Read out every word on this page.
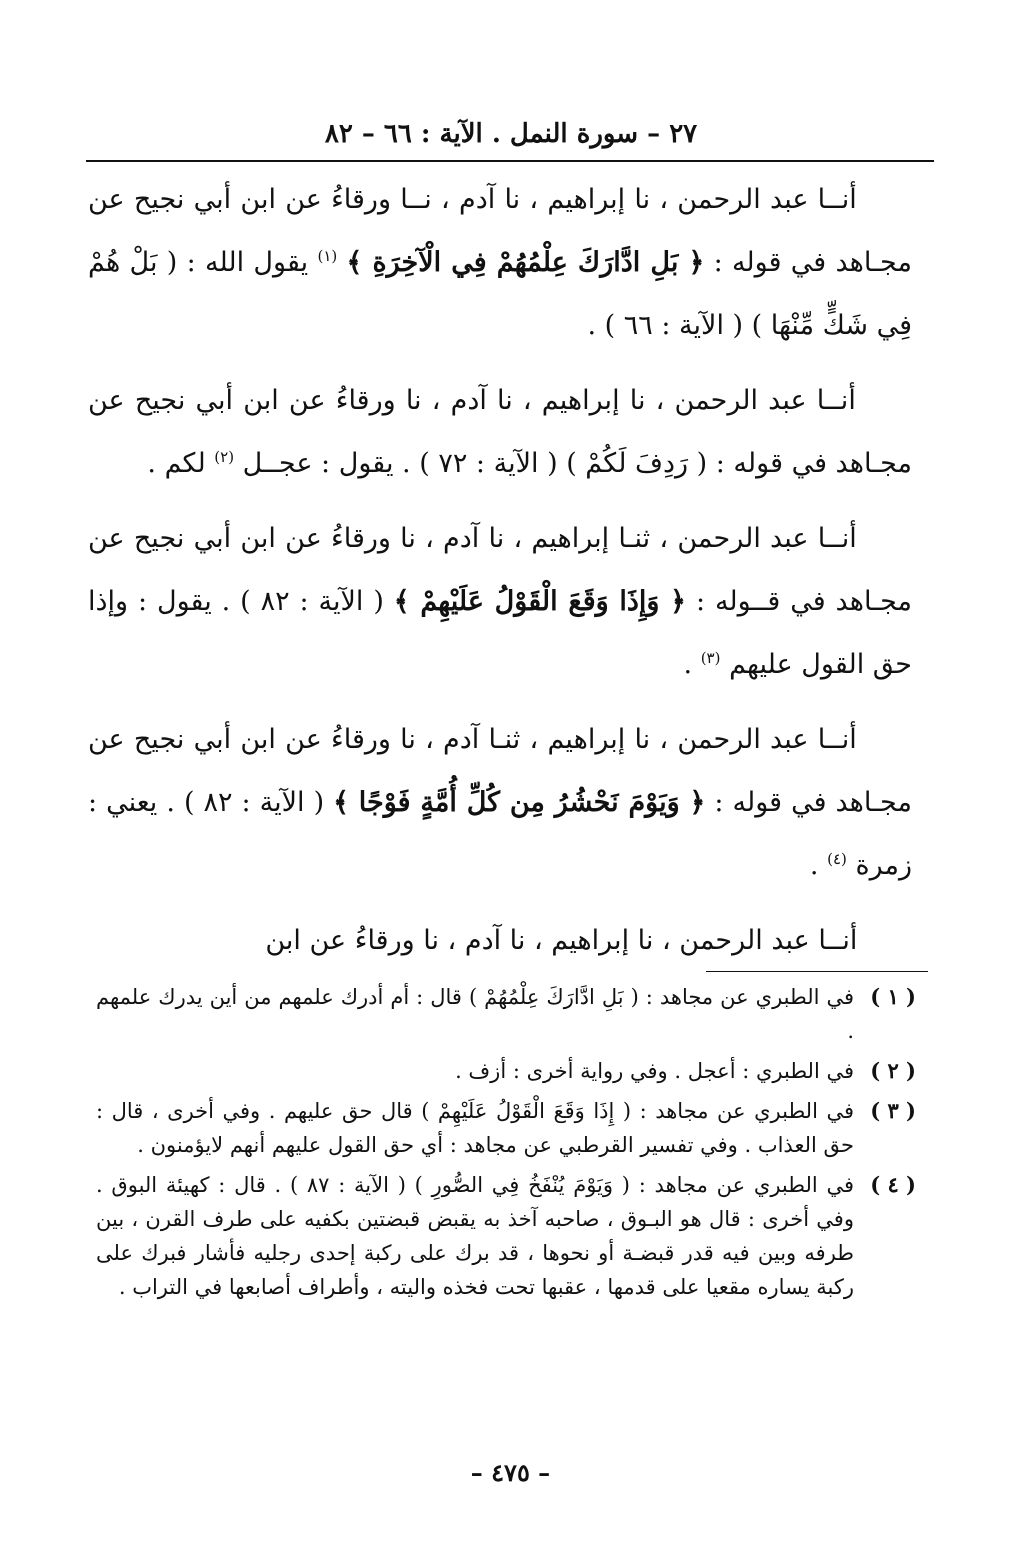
٢٧ – سورة النمل . الآية : ٦٦ – ٨٢

أنــا عبد الرحمن ، نا إبراهيم ، نا آدم ، نــا ورقاءُ عن ابن أبي نجيح عن مجـاهد في قوله : ﴿ بَلِ ادَّارَكَ عِلْمُهُمْ فِي الْآخِرَةِ ﴾ $^{(١)}$ يقول الله : ( بَلْ هُمْ فِي شَكٍّ مِّنْهَا ) ( الآية : ٦٦ ) .

أنــا عبد الرحمن ، نا إبراهيم ، نا آدم ، نا ورقاءُ عن ابن أبي نجيح عن مجـاهد في قوله : ( رَدِفَ لَكُمْ ) ( الآية : ٧٢ ) . يقول : عجــل $^{(٢)}$ لكم .

أنــا عبد الرحمن ، ثنـا إبراهيم ، نا آدم ، نا ورقاءُ عن ابن أبي نجيح عن مجـاهد في قــوله : ﴿ وَإِذَا وَقَعَ الْقَوْلُ عَلَيْهِمْ ﴾ ( الآية : ٨٢ ) . يقول : وإذا حق القول عليهم $^{(٣)}$ .

أنــا عبد الرحمن ، نا إبراهيم ، ثنـا آدم ، نا ورقاءُ عن ابن أبي نجيح عن مجـاهد في قوله : ﴿ وَيَوْمَ نَحْشُرُ مِن كُلِّ أُمَّةٍ فَوْجًا ﴾ ( الآية : ٨٢ ) . يعني : زمرة $^{(٤)}$ .

أنــا عبد الرحمن ، نا إبراهيم ، نا آدم ، نا ورقاءُ عن ابن

( ١ )
في الطبري عن مجاهد : ( بَلِ ادَّارَكَ عِلْمُهُمْ ) قال : أم أدرك علمهم من أين يدرك علمهم .
( ٢ )
في الطبري : أعجل . وفي رواية أخرى : أزف .
( ٣ )
في الطبري عن مجاهد : ( إِذَا وَقَعَ الْقَوْلُ عَلَيْهِمْ ) قال حق عليهم . وفي أخرى ، قال : حق العذاب . وفي تفسير القرطبي عن مجاهد : أي حق القول عليهم أنهم لايؤمنون .
( ٤ )
في الطبري عن مجاهد : ( وَيَوْمَ يُنْفَخُ فِي الصُّورِ ) ( الآية : ٨٧ ) . قال : كهيئة البوق . وفي أخرى : قال هو البـوق ، صاحبه آخذ به يقبض قبضتين بكفيه على طرف القرن ، بين طرفه وبين فيه قدر قبضـة أو نحوها ، قد برك على ركبة إحدى رجليه فأشار فبرك على ركبة يساره مقعيا على قدمها ، عقبها تحت فخذه واليته ، وأطراف أصابعها في التراب .
– ٤٧٥ –
